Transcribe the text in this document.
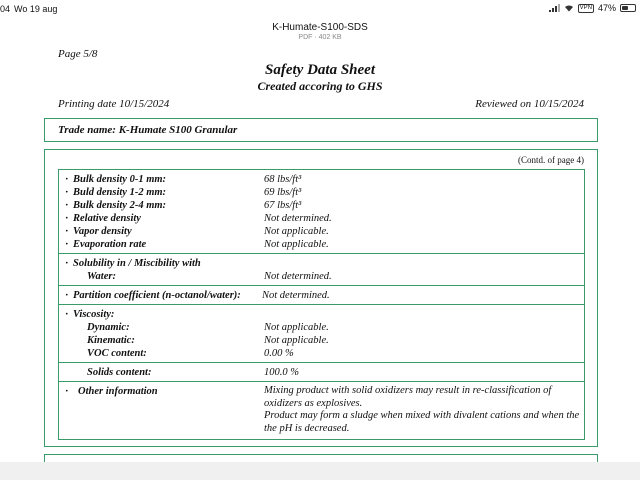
04 Wo 19 aug	VPN 47%
K-Humate-S100-SDS
PDF · 402 KB
Page 5/8
Safety Data Sheet
Created accoring to GHS
Printing date 10/15/2024	Reviewed on 10/15/2024
Trade name: K-Humate S100 Granular
(Contd. of page 4)
· Bulk density 0-1 mm:	68 lbs/ft³
· Buld density 1-2 mm:	69 lbs/ft³
· Bulk density 2-4 mm:	67 lbs/ft³
· Relative density	Not determined.
· Vapor density	Not applicable.
· Evaporation rate	Not applicable.
· Solubility in / Miscibility with
Water:	Not determined.
· Partition coefficient (n-octanol/water): Not determined.
· Viscosity:
Dynamic:	Not applicable.
Kinematic:	Not applicable.
VOC content:	0.00 %
Solids content:	100.0 %
· Other information	Mixing product with solid oxidizers may result in re-classification of oxidizers as explosives.
Product may form a sludge when mixed with divalent cations and when the the pH is decreased.
